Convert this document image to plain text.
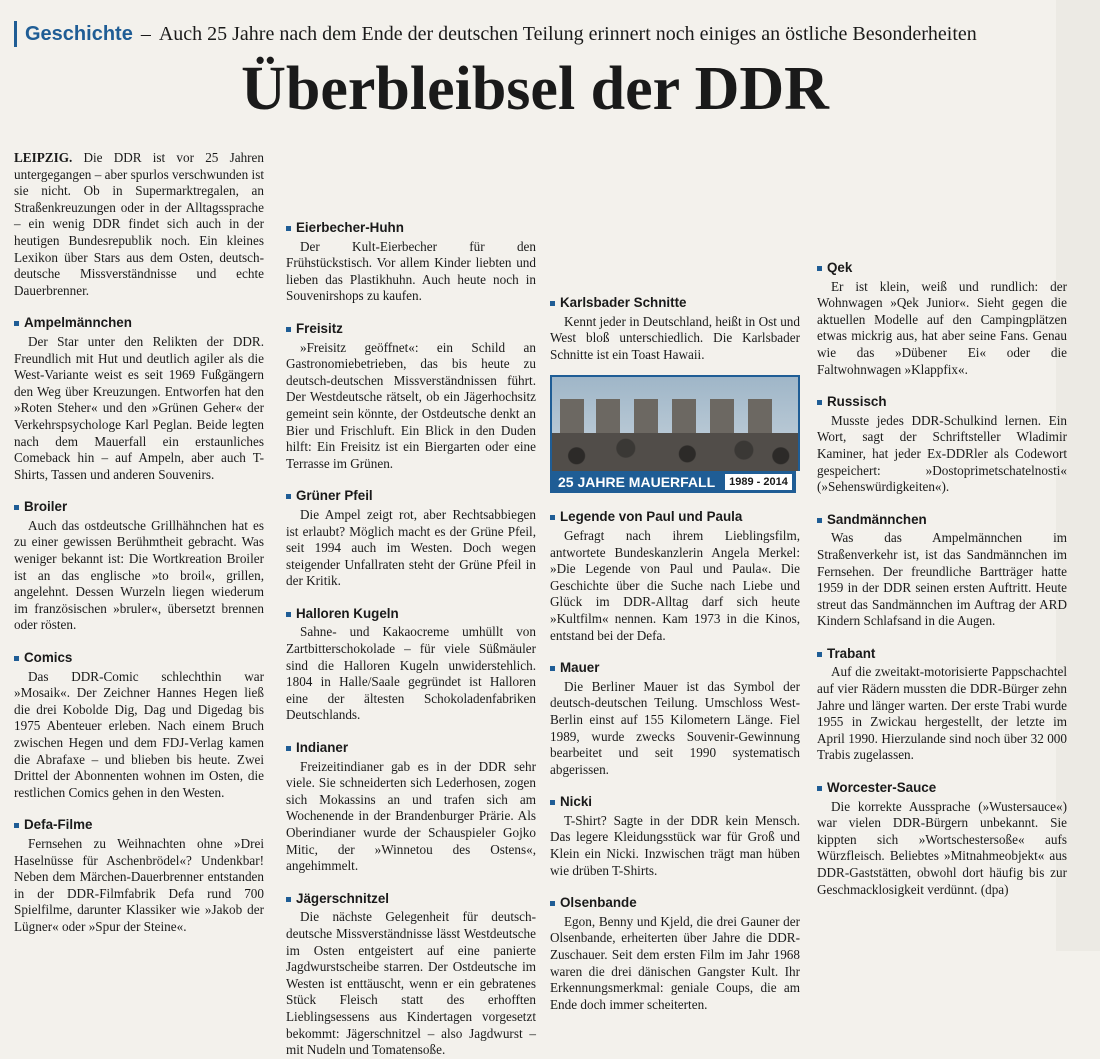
Geschichte – Auch 25 Jahre nach dem Ende der deutschen Teilung erinnert noch einiges an östliche Besonderheiten
Überbleibsel der DDR

LEIPZIG. Die DDR ist vor 25 Jahren untergegangen – aber spurlos verschwunden ist sie nicht. Ob in Supermarktregalen, an Straßenkreuzungen oder in der Alltagssprache – ein wenig DDR findet sich auch in der heutigen Bundesrepublik noch. Ein kleines Lexikon über Stars aus dem Osten, deutsch-deutsche Missverständnisse und echte Dauerbrenner.

Ampelmännchen

Der Star unter den Relikten der DDR. Freundlich mit Hut und deutlich agiler als die West-Variante weist es seit 1969 Fußgängern den Weg über Kreuzungen. Entworfen hat den »Roten Steher« und den »Grünen Geher« der Verkehrspsychologe Karl Peglan. Beide legten nach dem Mauerfall ein erstaunliches Comeback hin – auf Ampeln, aber auch T-Shirts, Tassen und anderen Souvenirs.

Broiler

Auch das ostdeutsche Grillhähnchen hat es zu einer gewissen Berühmtheit gebracht. Was weniger bekannt ist: Die Wortkreation Broiler ist an das englische »to broil«, grillen, angelehnt. Dessen Wurzeln liegen wiederum im französischen »bruler«, übersetzt brennen oder rösten.

Comics

Das DDR-Comic schlechthin war »Mosaik«. Der Zeichner Hannes Hegen ließ die drei Kobolde Dig, Dag und Digedag bis 1975 Abenteuer erleben. Nach einem Bruch zwischen Hegen und dem FDJ-Verlag kamen die Abrafaxe – und blieben bis heute. Zwei Drittel der Abonnenten wohnen im Osten, die restlichen Comics gehen in den Westen.

Defa-Filme

Fernsehen zu Weihnachten ohne »Drei Haselnüsse für Aschenbrödel«? Undenkbar! Neben dem Märchen-Dauerbrenner entstanden in der DDR-Filmfabrik Defa rund 700 Spielfilme, darunter Klassiker wie »Jakob der Lügner« oder »Spur der Steine«.

Eierbecher-Huhn

Der Kult-Eierbecher für den Frühstückstisch. Vor allem Kinder liebten und lieben das Plastikhuhn. Auch heute noch in Souvenirshops zu kaufen.

Freisitz

»Freisitz geöffnet«: ein Schild an Gastronomiebetrieben, das bis heute zu deutsch-deutschen Missverständnissen führt. Der Westdeutsche rätselt, ob ein Jägerhochsitz gemeint sein könnte, der Ostdeutsche denkt an Bier und Frischluft. Ein Blick in den Duden hilft: Ein Freisitz ist ein Biergarten oder eine Terrasse im Grünen.

Grüner Pfeil

Die Ampel zeigt rot, aber Rechtsabbiegen ist erlaubt? Möglich macht es der Grüne Pfeil, seit 1994 auch im Westen. Doch wegen steigender Unfallraten steht der Grüne Pfeil in der Kritik.

Halloren Kugeln

Sahne- und Kakaocreme umhüllt von Zartbitterschokolade – für viele Süßmäuler sind die Halloren Kugeln unwiderstehlich. 1804 in Halle/Saale gegründet ist Halloren eine der ältesten Schokoladenfabriken Deutschlands.

Indianer

Freizeitindianer gab es in der DDR sehr viele. Sie schneiderten sich Lederhosen, zogen sich Mokassins an und trafen sich am Wochenende in der Brandenburger Prärie. Als Oberindianer wurde der Schauspieler Gojko Mitic, der »Winnetou des Ostens«, angehimmelt.

Jägerschnitzel

Die nächste Gelegenheit für deutsch-deutsche Missverständnisse lässt Westdeutsche im Osten entgeistert auf eine panierte Jagdwurstscheibe starren. Der Ostdeutsche im Westen ist enttäuscht, wenn er ein gebratenes Stück Fleisch statt des erhofften Lieblingsessens aus Kindertagen vorgesetzt bekommt: Jägerschnitzel – also Jagdwurst – mit Nudeln und Tomatensoße.

Karlsbader Schnitte

Kennt jeder in Deutschland, heißt in Ost und West bloß unterschiedlich. Die Karlsbader Schnitte ist ein Toast Hawaii.

25 JAHRE MAUERFALL	1989 - 2014
Legende von Paul und Paula

Gefragt nach ihrem Lieblingsfilm, antwortete Bundeskanzlerin Angela Merkel: »Die Legende von Paul und Paula«. Die Geschichte über die Suche nach Liebe und Glück im DDR-Alltag darf sich heute »Kultfilm« nennen. Kam 1973 in die Kinos, entstand bei der Defa.

Mauer

Die Berliner Mauer ist das Symbol der deutsch-deutschen Teilung. Umschloss West-Berlin einst auf 155 Kilometern Länge. Fiel 1989, wurde zwecks Souvenir-Gewinnung bearbeitet und seit 1990 systematisch abgerissen.

Nicki

T-Shirt? Sagte in der DDR kein Mensch. Das legere Kleidungsstück war für Groß und Klein ein Nicki. Inzwischen trägt man hüben wie drüben T-Shirts.

Olsenbande

Egon, Benny und Kjeld, die drei Gauner der Olsenbande, erheiterten über Jahre die DDR-Zuschauer. Seit dem ersten Film im Jahr 1968 waren die drei dänischen Gangster Kult. Ihr Erkennungsmerkmal: geniale Coups, die am Ende doch immer scheiterten.

Qek

Er ist klein, weiß und rundlich: der Wohnwagen »Qek Junior«. Sieht gegen die aktuellen Modelle auf den Campingplätzen etwas mickrig aus, hat aber seine Fans. Genau wie das »Dübener Ei« oder die Faltwohnwagen »Klappfix«.

Russisch

Musste jedes DDR-Schulkind lernen. Ein Wort, sagt der Schriftsteller Wladimir Kaminer, hat jeder Ex-DDRler als Codewort gespeichert: »Dostoprimetschatelnosti« (»Sehenswürdigkeiten«).

Sandmännchen

Was das Ampelmännchen im Straßenverkehr ist, ist das Sandmännchen im Fernsehen. Der freundliche Bartträger hatte 1959 in der DDR seinen ersten Auftritt. Heute streut das Sandmännchen im Auftrag der ARD Kindern Schlafsand in die Augen.

Trabant

Auf die zweitakt-motorisierte Pappschachtel auf vier Rädern mussten die DDR-Bürger zehn Jahre und länger warten. Der erste Trabi wurde 1955 in Zwickau hergestellt, der letzte im April 1990. Hierzulande sind noch über 32 000 Trabis zugelassen.

Worcester-Sauce

Die korrekte Aussprache (»Wustersauce«) war vielen DDR-Bürgern unbekannt. Sie kippten sich »Wortschestersoße« aufs Würzfleisch. Beliebtes »Mitnahmeobjekt« aus DDR-Gaststätten, obwohl dort häufig bis zur Geschmacklosigkeit verdünnt. (dpa)
